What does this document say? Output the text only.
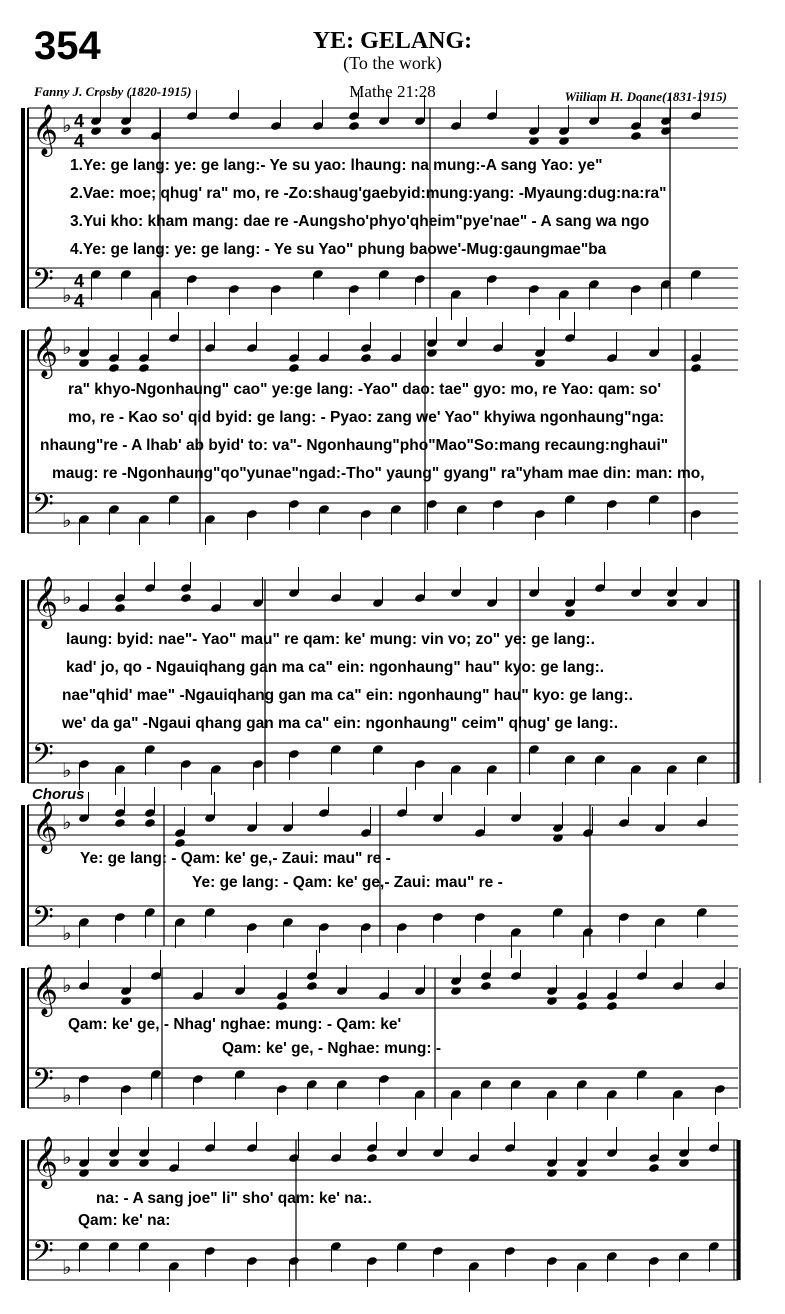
354	YE: GELANG:
(To the work)
Fanny J. Crosby (1820-1915)	Mathe 21:28	Wiiliam H. Doane(1831-1915)
𝄞 ♭ 4
4
𝄢 ♭
4
4
𝄞 ♭
𝄢 ♭
𝄞 ♭
𝄢 ♭
𝄞 ♭
𝄢 ♭
𝄞 ♭
𝄢 ♭
𝄞 ♭
𝄢 ♭
1.Ye: ge lang: ye: ge lang:- Ye su yao: lhaung: na mung:-A sang Yao: ye"
2.Vae: moe; qhug' ra" mo, re -Zo:shaug'gaebyid:mung:yang: -Myaung:dug:na:ra"
3.Yui kho: kham mang: dae re -Aungsho'phyo'qheim"pye'nae" - A sang wa ngo
4.Ye: ge lang: ye: ge lang: - Ye su Yao" phung baowe'-Mug:gaungmae"ba
ra" khyo-Ngonhaung" cao" ye:ge lang: -Yao" dao: tae" gyo: mo, re Yao: qam: so'
mo, re - Kao so' qid byid: ge lang: - Pyao: zang we' Yao" khyiwa ngonhaung"nga:
nhaung"re - A lhab' ab byid' to: va"- Ngonhaung"pho"Mao"So:mang recaung:nghaui"
maug: re -Ngonhaung"qo"yunae"ngad:-Tho" yaung" gyang" ra"yham mae din: man: mo,
laung: byid: nae"- Yao" mau" re qam: ke' mung: vin vo; zo" ye: ge lang:.
kad' jo, qo - Ngauiqhang gan ma ca" ein: ngonhaung" hau" kyo: ge lang:.
nae"qhid' mae" -Ngauiqhang gan ma ca" ein: ngonhaung" hau" kyo: ge lang:.
we' da ga" -Ngaui qhang gan ma ca" ein: ngonhaung" ceim" qhug' ge lang:.
Chorus
Ye: ge lang: - Qam: ke' ge,- Zaui: mau" re -
Ye: ge lang: - Qam: ke' ge,- Zaui: mau" re -
Qam: ke' ge, - Nhag' nghae: mung: - Qam: ke'
Qam: ke' ge, - Nghae: mung: -
na: - A sang joe" li" sho' qam: ke' na:.
Qam: ke' na:
